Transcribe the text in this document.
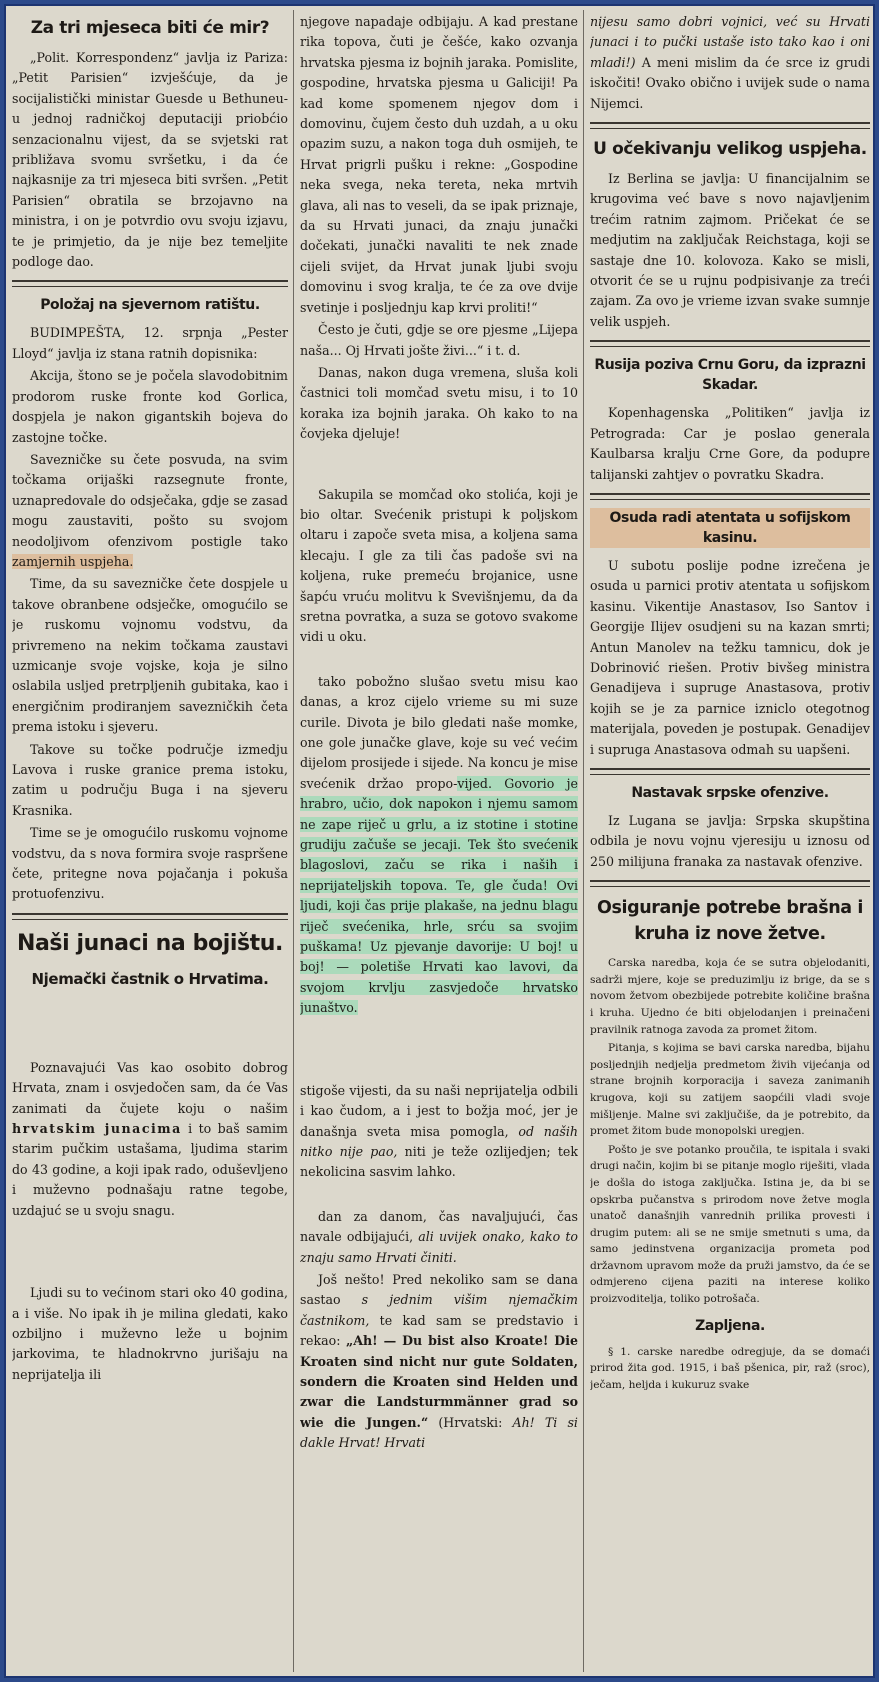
Za tri mjeseca biti će mir?

„Polit. Korrespondenz“ javlja iz Pariza: „Petit Parisien“ izvješćuje, da je socijalistički ministar Guesde u Bethuneu-u jednoj radničkoj deputaciji priobćio senzacionalnu vijest, da se svjetski rat približava svomu svršetku, i da će najkasnije za tri mjeseca biti svršen. „Petit Parisien“ obratila se brzojavno na ministra, i on je potvrdio ovu svoju izjavu, te je primjetio, da je nije bez temeljite podloge dao.

Položaj na sjevernom ratištu.

BUDIMPEŠTA, 12. srpnja „Pester Lloyd“ javlja iz stana ratnih dopisnika:

Akcija, štono se je počela slavodobitnim prodorom ruske fronte kod Gorlica, dospjela je nakon gigantskih bojeva do zastojne točke.

Savezničke su čete posvuda, na svim točkama orijaški razsegnute fronte, uznapredovale do odsječaka, gdje se zasad mogu zaustaviti, pošto su svojom neodoljivom ofenzivom postigle tako zamjernih uspjeha.

Time, da su savezničke čete dospjele u takove obranbene odsječke, omogućilo se je ruskomu vojnomu vodstvu, da privremeno na nekim točkama zaustavi uzmicanje svoje vojske, koja je silno oslabila usljed pretrpljenih gubitaka, kao i energičnim prodiranjem savezničkih četa prema istoku i sjeveru.

Takove su točke područje izmedju Lavova i ruske granice prema istoku, zatim u području Buga i na sjeveru Krasnika.

Time se je omogućilo ruskomu vojnome vodstvu, da s nova formira svoje raspršene čete, pritegne nova pojačanja i pokuša protuofenzivu.

Naši junaci na bojištu.
Njemački častnik o Hrvatima.

Poznavajući Vas kao osobito dobrog Hrvata, znam i osvjedočen sam, da će Vas zanimati da čujete koju o našim hrvatskim junacima i to baš samim starim pučkim ustašama, ljudima starim do 43 godine, a koji ipak rado, oduševljeno i muževno podnašaju ratne tegobe, uzdajuć se u svoju snagu.

Ljudi su to većinom stari oko 40 godina, a i više. No ipak ih je milina gledati, kako ozbiljno i muževno leže u bojnim jarkovima, te hladnokrvno jurišaju na neprijatelja ili

njegove napadaje odbijaju. A kad prestane rika topova, čuti je češće, kako ozvanja hrvatska pjesma iz bojnih jaraka. Pomislite, gospodine, hrvatska pjesma u Galiciji! Pa kad kome spomenem njegov dom i domovinu, čujem često duh uzdah, a u oku opazim suzu, a nakon toga duh osmijeh, te Hrvat prigrli pušku i rekne: „Gospodine neka svega, neka tereta, neka mrtvih glava, ali nas to veseli, da se ipak priznaje, da su Hrvati junaci, da znaju junački dočekati, junački navaliti te nek znade cijeli svijet, da Hrvat junak ljubi svoju domovinu i svog kralja, te će za ove dvije svetinje i posljednju kap krvi proliti!“

Često je čuti, gdje se ore pjesme „Lijepa naša... Oj Hrvati jošte živi...“ i t. d.

Danas, nakon duga vremena, sluša koli častnici toli momčad svetu misu, i to 10 koraka iza bojnih jaraka. Oh kako to na čovjeka djeluje!

Sakupila se momčad oko stolića, koji je bio oltar. Svećenik pristupi k poljskom oltaru i započe sveta misa, a koljena sama klecaju. I gle za tili čas padoše svi na koljena, ruke premeću brojanice, usne šapću vruću molitvu k Svevišnjemu, da da sretna povratka, a suza se gotovo svakome vidi u oku.

tako pobožno slušao svetu misu kao danas, a kroz cijelo vrieme su mi suze curile. Divota je bilo gledati naše momke, one gole junačke glave, koje su već većim dijelom prosijede i sijede. Na koncu je mise svećenik držao propo-vijed. Govorio je hrabro, učio, dok napokon i njemu samom ne zape riječ u grlu, a iz stotine i stotine grudiju začuše se jecaji. Tek što svećenik blagoslovi, začu se rika i naših i neprijateljskih topova. Te, gle čuda! Ovi ljudi, koji čas prije plakaše, na jednu blagu riječ svećenika, hrle, srću sa svojim puškama! Uz pjevanje davorije: U boj! u boj! — poletiše Hrvati kao lavovi, da svojom krvlju zasvjedoče hrvatsko junaštvo.

stigoše vijesti, da su naši neprijatelja odbili i kao čudom, a i jest to božja moć, jer je današnja sveta misa pomogla, od naših nitko nije pao, niti je teže ozlijedjen; tek nekolicina sasvim lahko.

dan za danom, čas navaljujući, čas navale odbijajući, ali uvijek onako, kako to znaju samo Hrvati činiti.

Još nešto! Pred nekoliko sam se dana sastao s jednim višim njemačkim častnikom, te kad sam se predstavio i rekao: „Ah! — Du bist also Kroate! Die Kroaten sind nicht nur gute Soldaten, sondern die Kroaten sind Helden und zwar die Landsturmmänner grad so wie die Jungen.“ (Hrvatski: Ah! Ti si dakle Hrvat! Hrvati

nijesu samo dobri vojnici, već su Hrvati junaci i to pučki ustaše isto tako kao i oni mladi!) A meni mislim da će srce iz grudi iskočiti! Ovako obično i uvijek sude o nama Nijemci.

U očekivanju velikog uspjeha.

Iz Berlina se javlja: U financijalnim se krugovima već bave s novo najavljenim trećim ratnim zajmom. Pričekat će se medjutim na zaključak Reichstaga, koji se sastaje dne 10. kolovoza. Kako se misli, otvorit će se u rujnu podpisivanje za treći zajam. Za ovo je vrieme izvan svake sumnje velik uspjeh.

Rusija poziva Crnu Goru, da izprazni Skadar.

Kopenhagenska „Politiken“ javlja iz Petrograda: Car je poslao generala Kaulbarsa kralju Crne Gore, da podupre talijanski zahtjev o povratku Skadra.

Osuda radi atentata u sofijskom kasinu.

U subotu poslije podne izrečena je osuda u parnici protiv atentata u sofijskom kasinu. Vikentije Anastasov, Iso Santov i Georgije Ilijev osudjeni su na kazan smrti; Antun Manolev na težku tamnicu, dok je Dobrinović riešen. Protiv bivšeg ministra Genadijeva i supruge Anastasova, protiv kojih se je za parnice izniclo otegotnog materijala, poveden je postupak. Genadijev i supruga Anastasova odmah su uapšeni.

Nastavak srpske ofenzive.

Iz Lugana se javlja: Srpska skupština odbila je novu vojnu vjeresiju u iznosu od 250 milijuna franaka za nastavak ofenzive.

Osiguranje potrebe brašna i kruha iz nove žetve.

Carska naredba, koja će se sutra objelodaniti, sadrži mjere, koje se preduzimlju iz brige, da se s novom žetvom obezbijede potrebite količine brašna i kruha. Ujedno će biti objelodanjen i preinačeni pravilnik ratnoga zavoda za promet žitom.

Pitanja, s kojima se bavi carska naredba, bijahu posljednjih nedjelja predmetom živih vijećanja od strane brojnih korporacija i saveza zanimanih krugova, koji su zatijem saopćili vladi svoje mišljenje. Malne svi zaključiše, da je potrebito, da promet žitom bude monopolski uregjen.

Pošto je sve potanko proučila, te ispitala i svaki drugi način, kojim bi se pitanje moglo riješiti, vlada je došla do istoga zaključka. Istina je, da bi se opskrba pučanstva s prirodom nove žetve mogla unatoč današnjih vanrednih prilika provesti i drugim putem: ali se ne smije smetnuti s uma, da samo jedinstvena organizacija prometa pod državnom upravom može da pruži jamstvo, da će se odmjereno cijena paziti na interese koliko proizvoditelja, toliko potrošača.

Zapljena.

§ 1. carske naredbe odregjuje, da se domaći prirod žita god. 1915, i baš pšenica, pir, raž (sroc), ječam, heljda i kukuruz svake
